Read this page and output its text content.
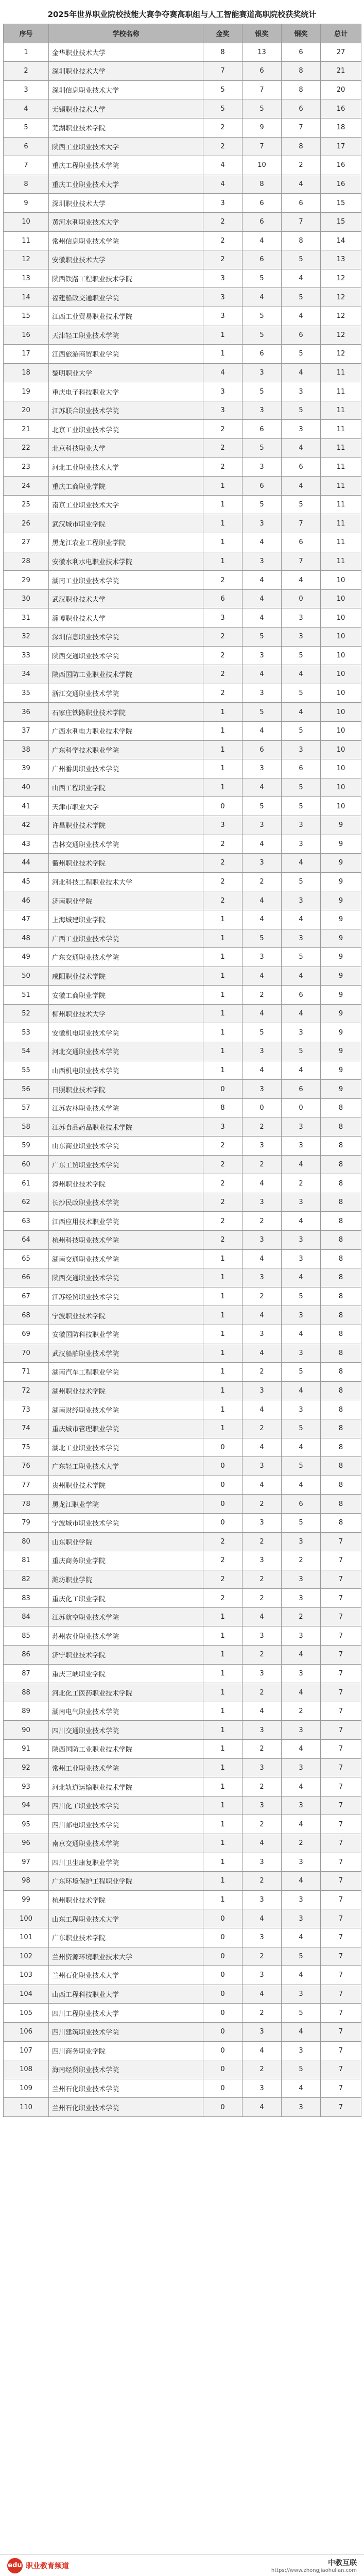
2025年世界职业院校技能大赛争夺赛高职组与人工智能赛道高职院校获奖统计
序号	学校名称	金奖	银奖	铜奖	总计
1	金华职业技术大学	8	13	6	27
2	深圳职业技术大学	7	6	8	21
3	深圳信息职业技术大学	5	7	8	20
4	无锡职业技术大学	5	5	6	16
5	芜湖职业技术学院	2	9	7	18
6	陕西工业职业技术大学	2	7	8	17
7	重庆工程职业技术学院	4	10	2	16
8	重庆工业职业技术大学	4	8	4	16
9	深圳职业技术大学	3	6	6	15
10	黄河水利职业技术大学	2	6	7	15
11	常州信息职业技术学院	2	4	8	14
12	安徽职业技术大学	2	6	5	13
13	陕西铁路工程职业技术学院	3	5	4	12
14	福建船政交通职业学院	3	4	5	12
15	江西工业贸易职业技术学院	3	5	4	12
16	天津轻工职业技术学院	1	5	6	12
17	江西旅游商贸职业学院	1	6	5	12
18	黎明职业大学	4	3	4	11
19	重庆电子科技职业大学	3	5	3	11
20	江苏联合职业技术学院	3	3	5	11
21	北京工业职业技术学院	2	6	3	11
22	北京科技职业大学	2	5	4	11
23	河北工业职业技术大学	2	3	6	11
24	重庆工商职业学院	1	6	4	11
25	南京工业职业技术大学	1	5	5	11
26	武汉城市职业学院	1	3	7	11
27	黑龙江农业工程职业学院	1	4	6	11
28	安徽水利水电职业技术学院	1	3	7	11
29	湖南工业职业技术学院	2	4	4	10
30	武汉职业技术大学	6	4	0	10
31	淄博职业技术大学	3	4	3	10
32	深圳信息职业技术学院	2	5	3	10
33	陕西交通职业技术学院	2	3	5	10
34	陕西国防工业职业技术学院	2	4	4	10
35	浙江交通职业技术学院	2	3	5	10
36	石家庄铁路职业技术学院	1	5	4	10
37	广西水利电力职业技术学院	1	4	5	10
38	广东科学技术职业学院	1	6	3	10
39	广州番禺职业技术学院	1	3	6	10
40	山西工程职业学院	1	4	5	10
41	天津市职业大学	0	5	5	10
42	许昌职业技术学院	3	3	3	9
43	吉林交通职业技术学院	2	4	3	9
44	衢州职业技术学院	2	3	4	9
45	河北科技工程职业技术大学	2	2	5	9
46	济南职业学院	2	4	3	9
47	上海城建职业学院	1	4	4	9
48	广西工业职业技术学院	1	5	3	9
49	广东交通职业技术学院	1	3	5	9
50	咸阳职业技术学院	1	4	4	9
51	安徽工商职业学院	1	2	6	9
52	柳州职业技术大学	1	4	4	9
53	安徽机电职业技术学院	1	5	3	9
54	河北交通职业技术学院	1	3	5	9
55	山西机电职业技术学院	1	4	4	9
56	日照职业技术学院	0	3	6	9
57	江苏农林职业技术学院	8	0	0	8
58	江苏食品药品职业技术学院	3	2	3	8
59	山东商业职业技术学院	2	3	3	8
60	广东工贸职业技术学院	2	2	4	8
61	漳州职业技术学院	2	4	2	8
62	长沙民政职业技术学院	2	3	3	8
63	江西应用技术职业学院	2	2	4	8
64	杭州科技职业技术学院	2	3	3	8
65	湖南交通职业技术学院	1	4	3	8
66	陕西交通职业技术学院	1	3	4	8
67	江苏经贸职业技术学院	1	2	5	8
68	宁波职业技术学院	1	4	3	8
69	安徽国防科技职业学院	1	3	4	8
70	武汉船舶职业技术学院	1	4	3	8
71	湖南汽车工程职业学院	1	2	5	8
72	湖州职业技术学院	1	3	4	8
73	湖南财经职业技术学院	1	4	3	8
74	重庆城市管理职业学院	1	2	5	8
75	湖北工业职业技术学院	0	4	4	8
76	广东轻工职业技术大学	0	3	5	8
77	贵州职业技术学院	0	4	4	8
78	黑龙江职业学院	0	2	6	8
79	宁波城市职业技术学院	0	3	5	8
80	山东职业学院	2	2	3	7
81	重庆商务职业学院	2	3	2	7
82	潍坊职业学院	2	2	3	7
83	重庆化工职业学院	2	2	3	7
84	江苏航空职业技术学院	1	4	2	7
85	苏州农业职业技术学院	1	3	3	7
86	济宁职业技术学院	1	2	4	7
87	重庆三峡职业学院	1	3	3	7
88	河北化工医药职业技术学院	1	2	4	7
89	湖南电气职业技术学院	1	4	2	7
90	四川交通职业技术学院	1	3	3	7
91	陕西国防工业职业技术学院	1	2	4	7
92	常州工业职业技术学院	1	3	3	7
93	河北轨道运输职业技术学院	1	2	4	7
94	四川化工职业技术学院	1	3	3	7
95	四川邮电职业技术学院	1	2	4	7
96	南京交通职业技术学院	1	4	2	7
97	四川卫生康复职业学院	1	3	3	7
98	广东环境保护工程职业学院	1	2	4	7
99	杭州职业技术学院	1	3	3	7
100	山东工程职业技术大学	0	4	3	7
101	广东职业技术学院	0	3	4	7
102	兰州资源环境职业技术大学	0	2	5	7
103	兰州石化职业技术大学	0	3	4	7
104	山西工程科技职业大学	0	4	3	7
105	四川工程职业技术大学	0	2	5	7
106	四川建筑职业技术学院	0	3	4	7
107	四川商务职业学院	0	4	3	7
108	海南经贸职业技术学院	0	2	5	7
109	兰州石化职业技术学院	0	3	4	7
110	兰州石化职业技术学院	0	4	3	7
edu 职业教育频道	中教互联
https://www.zhongjiaohulian.com
